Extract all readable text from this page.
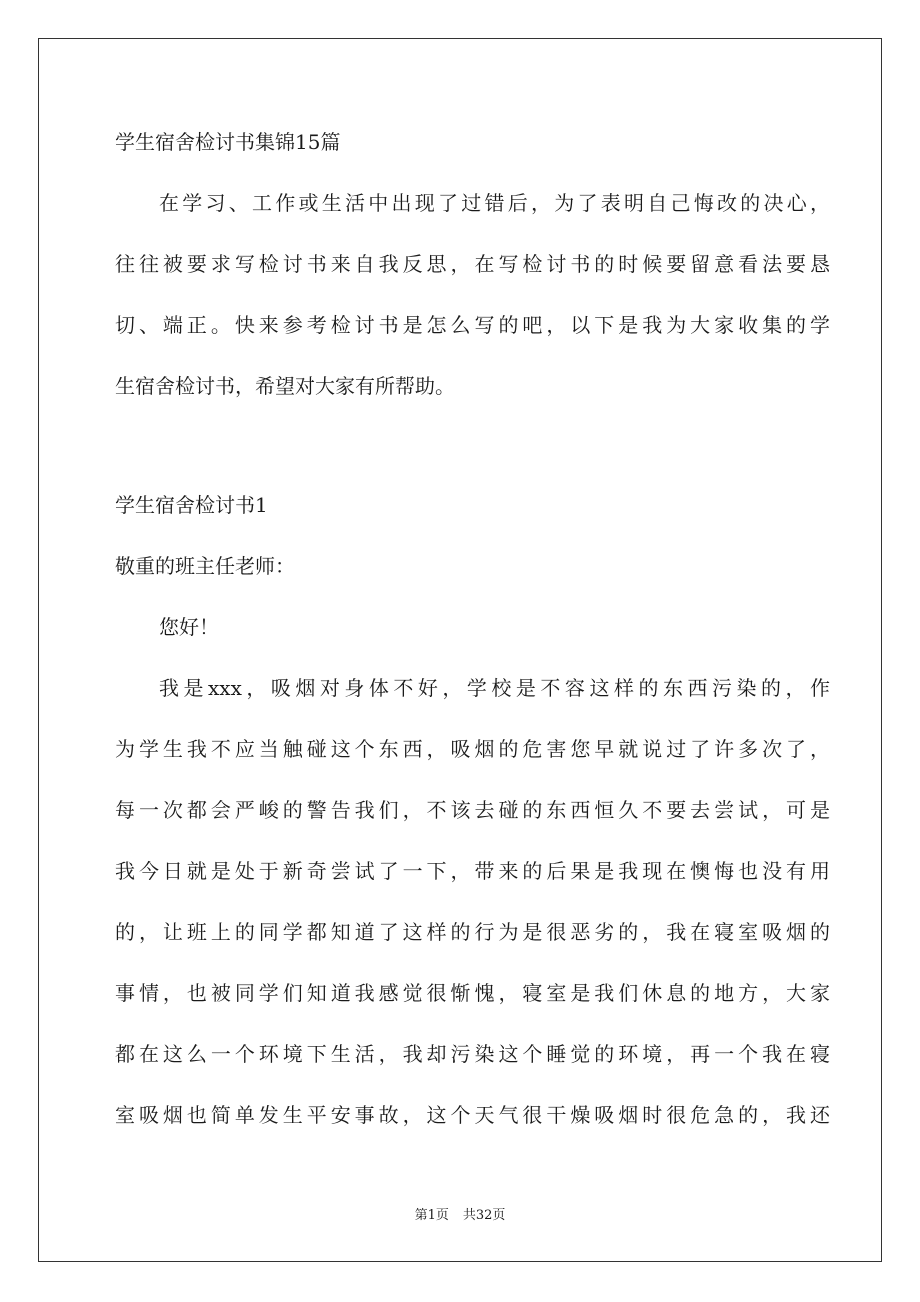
学生宿舍检讨书集锦15篇
在学习、工作或生活中出现了过错后，为了表明自己悔改的决心，
往往被要求写检讨书来自我反思，在写检讨书的时候要留意看法要恳
切、端正。快来参考检讨书是怎么写的吧，以下是我为大家收集的学
生宿舍检讨书，希望对大家有所帮助。
学生宿舍检讨书1
敬重的班主任老师：
您好！
我是xxx，吸烟对身体不好，学校是不容这样的东西污染的，作
为学生我不应当触碰这个东西，吸烟的危害您早就说过了许多次了，
每一次都会严峻的警告我们，不该去碰的东西恒久不要去尝试，可是
我今日就是处于新奇尝试了一下，带来的后果是我现在懊悔也没有用
的，让班上的同学都知道了这样的行为是很恶劣的，我在寝室吸烟的
事情，也被同学们知道我感觉很惭愧，寝室是我们休息的地方，大家
都在这么一个环境下生活，我却污染这个睡觉的环境，再一个我在寝
室吸烟也简单发生平安事故，这个天气很干燥吸烟时很危急的，我还
第1页 共32页
